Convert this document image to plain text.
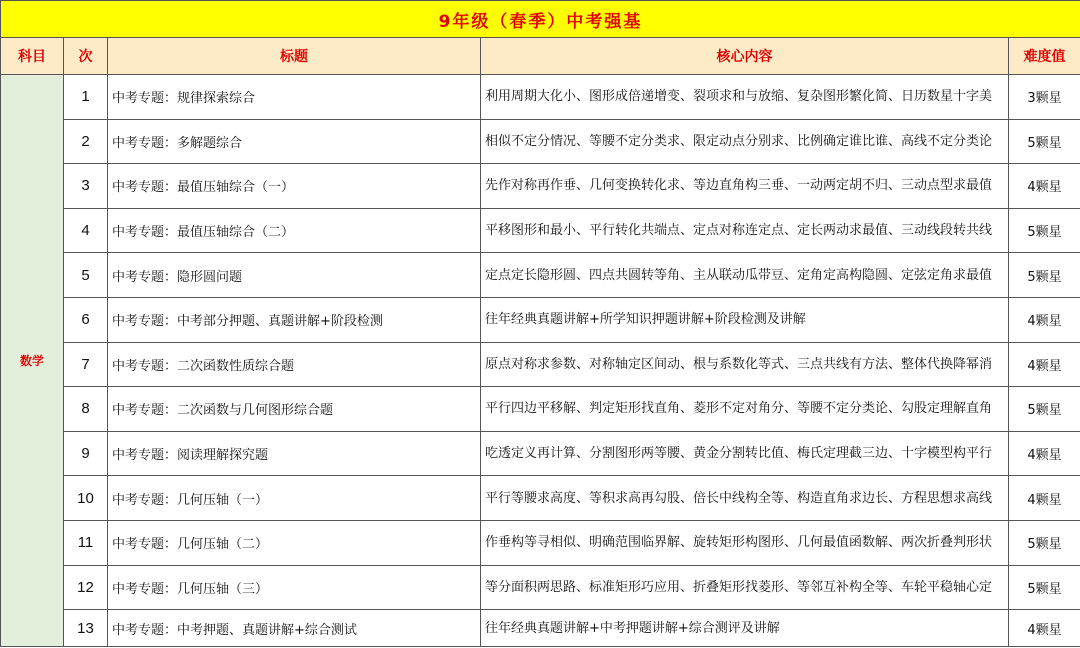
9年级（春季）中考强基				
科目	次	标题	核心内容	难度值
数学	1	中考专题：规律探索综合	利用周期大化小、图形成倍递增变、裂项求和与放缩、复杂图形繁化简、日历数星十字美	3颗星
	2	中考专题：多解题综合	相似不定分情况、等腰不定分类求、限定动点分别求、比例确定谁比谁、高线不定分类论	5颗星
	3	中考专题：最值压轴综合（一）	先作对称再作垂、几何变换转化求、等边直角构三垂、一动两定胡不归、三动点型求最值	4颗星
	4	中考专题：最值压轴综合（二）	平移图形和最小、平行转化共端点、定点对称连定点、定长两动求最值、三动线段转共线	5颗星
	5	中考专题：隐形圆问题	定点定长隐形圆、四点共圆转等角、主从联动瓜带豆、定角定高构隐圆、定弦定角求最值	5颗星
	6	中考专题：中考部分押题、真题讲解+阶段检测	往年经典真题讲解+所学知识押题讲解+阶段检测及讲解	4颗星
	7	中考专题：二次函数性质综合题	原点对称求参数、对称轴定区间动、根与系数化等式、三点共线有方法、整体代换降幂消	4颗星
	8	中考专题：二次函数与几何图形综合题	平行四边平移解、判定矩形找直角、菱形不定对角分、等腰不定分类论、勾股定理解直角	5颗星
	9	中考专题：阅读理解探究题	吃透定义再计算、分割图形两等腰、黄金分割转比值、梅氏定理截三边、十字模型构平行	4颗星
	10	中考专题：几何压轴（一）	平行等腰求高度、等积求高再勾股、倍长中线构全等、构造直角求边长、方程思想求高线	4颗星
	11	中考专题：几何压轴（二）	作垂构等寻相似、明确范围临界解、旋转矩形构图形、几何最值函数解、两次折叠判形状	5颗星
	12	中考专题：几何压轴（三）	等分面积两思路、标准矩形巧应用、折叠矩形找菱形、等邻互补构全等、车轮平稳轴心定	5颗星
	13	中考专题：中考押题、真题讲解+综合测试	往年经典真题讲解+中考押题讲解+综合测评及讲解	4颗星
